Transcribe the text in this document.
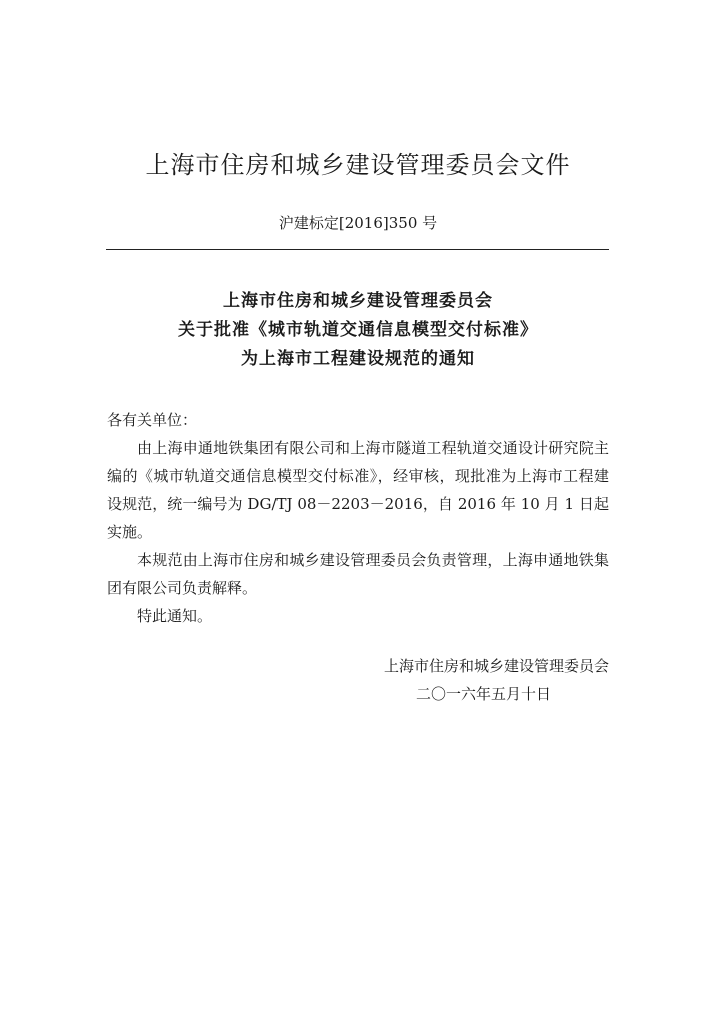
上海市住房和城乡建设管理委员会文件
沪建标定[2016]350 号
上海市住房和城乡建设管理委员会
关于批准《城市轨道交通信息模型交付标准》
为上海市工程建设规范的通知
各有关单位：
由上海申通地铁集团有限公司和上海市隧道工程轨道交通设计研究院主编的《城市轨道交通信息模型交付标准》，经审核，现批准为上海市工程建设规范，统一编号为 DG/TJ 08－2203－2016，自 2016 年 10 月 1 日起实施。
本规范由上海市住房和城乡建设管理委员会负责管理，上海申通地铁集团有限公司负责解释。
特此通知。
上海市住房和城乡建设管理委员会
二〇一六年五月十日
